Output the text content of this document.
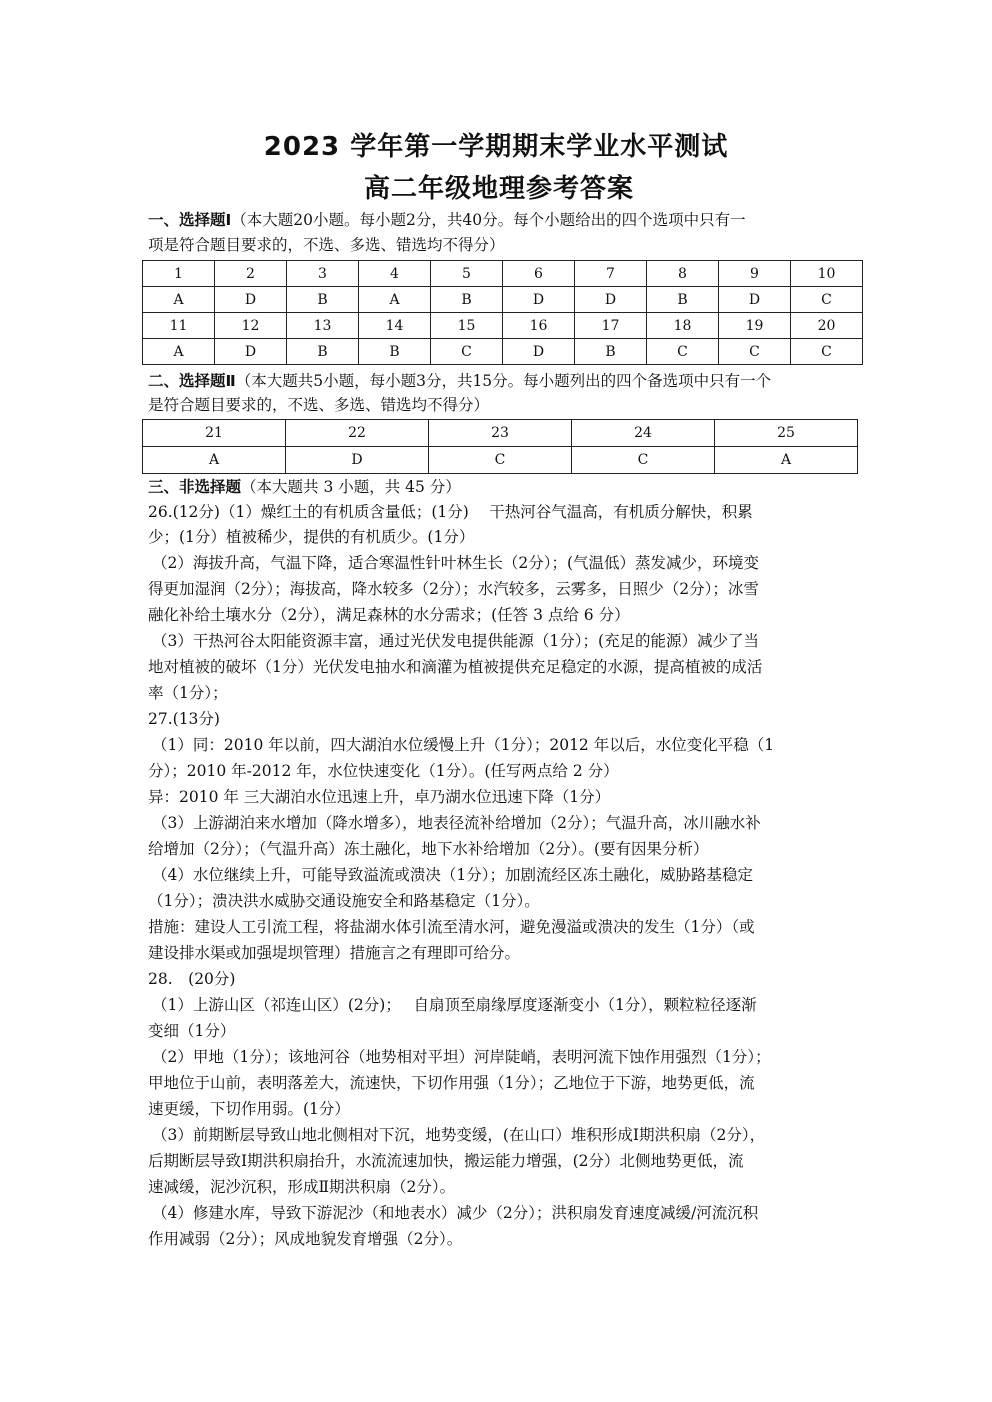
2023 学年第一学期期末学业水平测试
高二年级地理参考答案
一、选择题Ⅰ（本大题20小题。每小题2分，共40分。每个小题给出的四个选项中只有一
项是符合题目要求的，不选、多选、错选均不得分）
1	2	3	4	5	6	7	8	9	10
A	D	B	A	B	D	D	B	D	C
11	12	13	14	15	16	17	18	19	20
A	D	B	B	C	D	B	C	C	C
二、选择题Ⅱ（本大题共5小题，每小题3分，共15分。每小题列出的四个备选项中只有一个
是符合题目要求的，不选、多选、错选均不得分）
21	22	23	24	25
A	D	C	C	A
三、非选择题（本大题共 3 小题，共 45 分）
26.(12分)（1）燥红土的有机质含量低；(1分)　 干热河谷气温高，有机质分解快，积累
少；(1分）植被稀少，提供的有机质少。(1分）
（2）海拔升高，气温下降，适合寒温性针叶林生长（2分）；(气温低）蒸发减少，环境变
得更加湿润（2分）；海拔高，降水较多（2分）；水汽较多，云雾多，日照少（2分）；冰雪
融化补给土壤水分（2分），满足森林的水分需求；(任答 3 点给 6 分）
（3）干热河谷太阳能资源丰富，通过光伏发电提供能源（1分）；(充足的能源）减少了当
地对植被的破坏（1分）光伏发电抽水和滴灌为植被提供充足稳定的水源，提高植被的成活
率（1分）；
27.(13分)
（1）同：2010 年以前，四大湖泊水位缓慢上升（1分）；2012 年以后，水位变化平稳（1
分）；2010 年-2012 年，水位快速变化（1分）。(任写两点给 2 分）
异：2010 年 三大湖泊水位迅速上升，卓乃湖水位迅速下降（1分）
（3）上游湖泊来水增加（降水增多），地表径流补给增加（2分）；气温升高，冰川融水补
给增加（2分）；（气温升高）冻土融化，地下水补给增加（2分）。(要有因果分析）
（4）水位继续上升，可能导致溢流或溃决（1分）；加剧流经区冻土融化，威胁路基稳定
（1分）；溃决洪水威胁交通设施安全和路基稳定（1分）。
措施：建设人工引流工程，将盐湖水体引流至清水河，避免漫溢或溃决的发生（1分）（或
建设排水渠或加强堤坝管理）措施言之有理即可给分。
28.　(20分)
（1）上游山区（祁连山区）(2分)；　 自扇顶至扇缘厚度逐渐变小（1分），颗粒粒径逐渐
变细（1分）
（2）甲地（1分）；该地河谷（地势相对平坦）河岸陡峭，表明河流下蚀作用强烈（1分）；
甲地位于山前，表明落差大，流速快，下切作用强（1分）；乙地位于下游，地势更低，流
速更缓，下切作用弱。(1分）
（3）前期断层导致山地北侧相对下沉，地势变缓，(在山口）堆积形成Ⅰ期洪积扇（2分），
后期断层导致Ⅰ期洪积扇抬升，水流流速加快，搬运能力增强，(2分）北侧地势更低，流
速减缓，泥沙沉积，形成Ⅱ期洪积扇（2分）。
（4）修建水库，导致下游泥沙（和地表水）减少（2分）；洪积扇发育速度减缓/河流沉积
作用减弱（2分）；风成地貌发育增强（2分）。
